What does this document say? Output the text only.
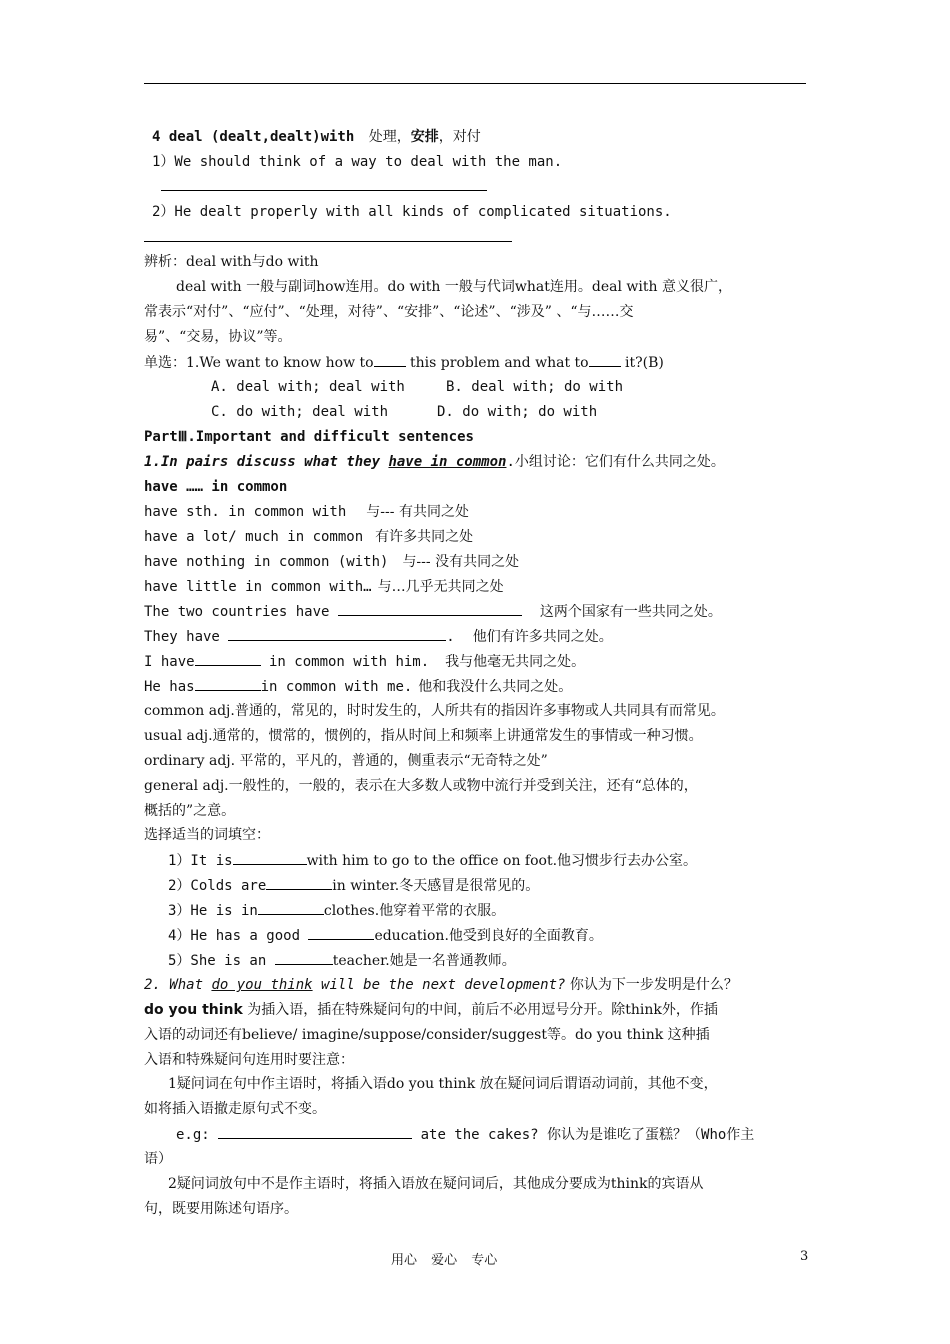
4 deal (dealt,dealt)with 处理，安排，对付
1）We should think of a way to deal with the man.
2）He dealt properly with all kinds of complicated situations.
辨析：deal with与do with
deal with 一般与副词how连用。do with 一般与代词what连用。deal with 意义很广，
常表示“对付”、“应付”、“处理，对待”、“安排”、“论述”、“涉及” 、“与……交
易”、“交易，协议”等。
单选：1.We want to know how to this problem and what to it?(B)
A. deal with; deal with	B. deal with; do with
C. do with; deal with	D. do with; do with
PartⅢ.Important and difficult sentences
1.In pairs discuss what they have in common.小组讨论：它们有什么共同之处。
have …… in common
have sth. in common with 与--- 有共同之处
have a lot/ much in common 有许多共同之处
have nothing in common (with) 与--- 没有共同之处
have little in common with… 与…几乎无共同之处
The two countries have	这两个国家有一些共同之处。
They have	. 他们有许多共同之处。
I have	in common with him. 我与他毫无共同之处。
He has	in common with me. 他和我没什么共同之处。
common adj.普通的，常见的，时时发生的，人所共有的指因许多事物或人共同具有而常见。
usual adj.通常的，惯常的，惯例的，指从时间上和频率上讲通常发生的事情或一种习惯。
ordinary adj. 平常的，平凡的，普通的，侧重表示“无奇特之处”
general adj.一般性的，一般的，表示在大多数人或物中流行并受到关注，还有“总体的，
概括的”之意。
选择适当的词填空：
1）It is	with him to go to the office on foot.他习惯步行去办公室。
2）Colds are	in winter.冬天感冒是很常见的。
3）He is in	clothes.他穿着平常的衣服。
4）He has a good	education.他受到良好的全面教育。
5）She is an	teacher.她是一名普通教师。
2. What do you think will be the next development? 你认为下一步发明是什么？
do you think 为插入语，插在特殊疑问句的中间，前后不必用逗号分开。除think外，作插
入语的动词还有believe/ imagine/suppose/consider/suggest等。do you think 这种插
入语和特殊疑问句连用时要注意：
1疑问词在句中作主语时，将插入语do you think 放在疑问词后谓语动词前，其他不变，
如将插入语撤走原句式不变。
e.g:	ate the cakes? 你认为是谁吃了蛋糕？（Who作主
语）
2疑问词放句中不是作主语时，将插入语放在疑问词后，其他成分要成为think的宾语从
句，既要用陈述句语序。
用心 爱心 专心	3
